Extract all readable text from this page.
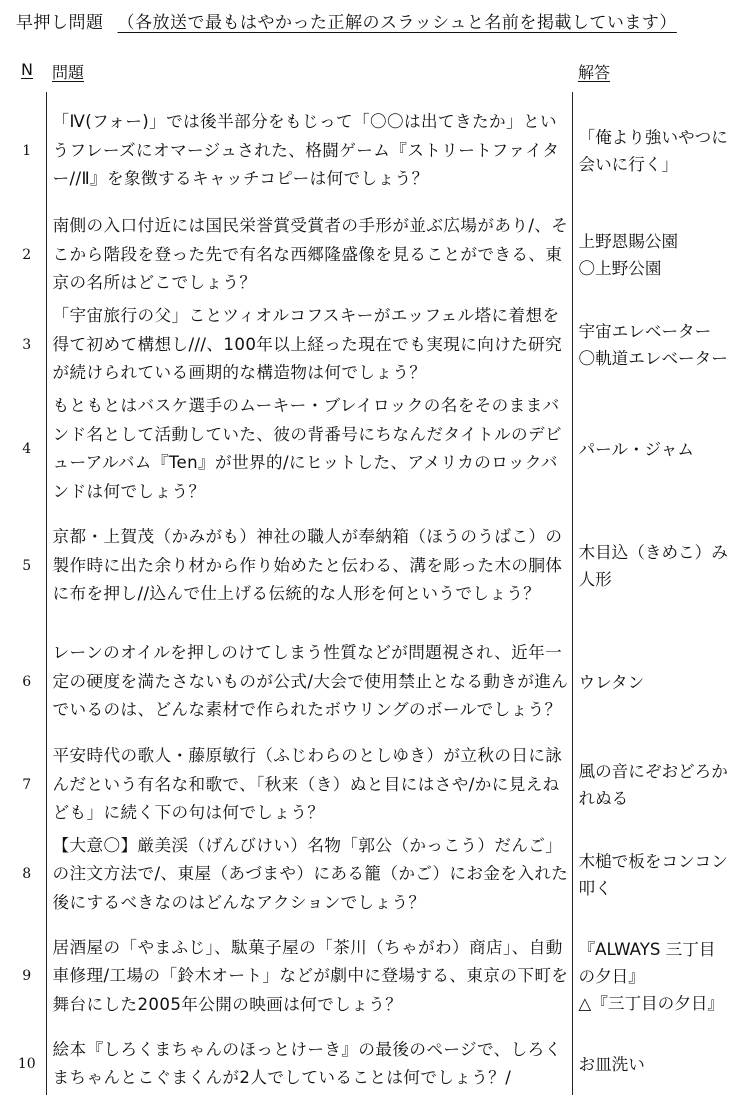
早押し問題 （各放送で最もはやかった正解のスラッシュと名前を掲載しています）
N	問題	解答
1	「Ⅳ(フォー)」では後半部分をもじって「〇〇は出てきたか」というフレーズにオマージュされた、格闘ゲーム『ストリートファイター//Ⅱ』を象徴するキャッチコピーは何でしょう？	「俺より強いやつに会いに行く」

2	南側の入口付近には国民栄誉賞受賞者の手形が並ぶ広場があり/、そこから階段を登った先で有名な西郷隆盛像を見ることができる、東京の名所はどこでしょう？	上野恩賜公園
〇上野公園

3	「宇宙旅行の父」ことツィオルコフスキーがエッフェル塔に着想を得て初めて構想し///、100年以上経った現在でも実現に向けた研究が続けられている画期的な構造物は何でしょう？	宇宙エレベーター
〇軌道エレベーター

4	もともとはバスケ選手のムーキー・ブレイロックの名をそのままバンド名として活動していた、彼の背番号にちなんだタイトルのデビューアルバム『Ten』が世界的/にヒットした、アメリカのロックバンドは何でしょう？	パール・ジャム

5	京都・上賀茂（かみがも）神社の職人が奉納箱（ほうのうばこ）の製作時に出た余り材から作り始めたと伝わる、溝を彫った木の胴体に布を押し//込んで仕上げる伝統的な人形を何というでしょう？	木目込（きめこ）み人形

6	レーンのオイルを押しのけてしまう性質などが問題視され、近年一定の硬度を満たさないものが公式/大会で使用禁止となる動きが進んでいるのは、どんな素材で作られたボウリングのボールでしょう？	ウレタン

7	平安時代の歌人・藤原敏行（ふじわらのとしゆき）が立秋の日に詠んだという有名な和歌で、「秋来（き）ぬと目にはさや/かに見えねども」に続く下の句は何でしょう？	風の音にぞおどろかれぬる

8	【大意〇】厳美渓（げんびけい）名物「郭公（かっこう）だんご」の注文方法で/、東屋（あづまや）にある籠（かご）にお金を入れた後にするべきなのはどんなアクションでしょう？	木槌で板をコンコン叩く

9	居酒屋の「やまふじ」、駄菓子屋の「茶川（ちゃがわ）商店」、自動車修理/工場の「鈴木オート」などが劇中に登場する、東京の下町を舞台にした2005年公開の映画は何でしょう？	『ALWAYS 三丁目の夕日』
△『三丁目の夕日』

10	絵本『しろくまちゃんのほっとけーき』の最後のページで、しろくまちゃんとこぐまくんが2人でしていることは何でしょう？/	お皿洗い
